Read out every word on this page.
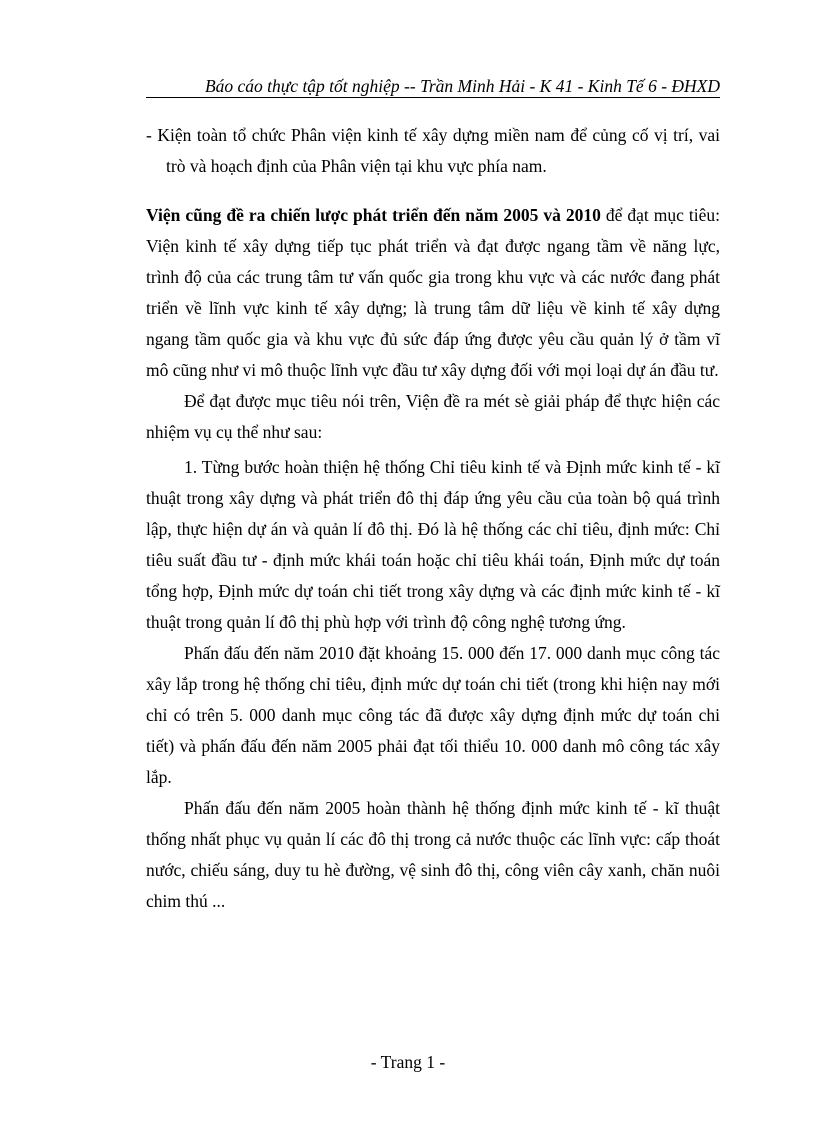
Báo cáo thực tập tốt nghiệp -- Trần Minh Hải - K 41 - Kinh Tế 6 - ĐHXD

- Kiện toàn tổ chức Phân viện kinh tế xây dựng miền nam để củng cố vị trí, vai trò và hoạch định của Phân viện tại khu vực phía nam.

Viện cũng đề ra chiến lược phát triển đến năm 2005 và 2010 để đạt mục tiêu: Viện kinh tế xây dựng tiếp tục phát triển và đạt được ngang tầm về năng lực, trình độ của các trung tâm tư vấn quốc gia trong khu vực và các nước đang phát triển về lĩnh vực kinh tế xây dựng; là trung tâm dữ liệu về kinh tế xây dựng ngang tầm quốc gia và khu vực đủ sức đáp ứng được yêu cầu quản lý ở tầm vĩ mô cũng như vi mô thuộc lĩnh vực đầu tư xây dựng đối với mọi loại dự án đầu tư.

Để đạt được mục tiêu nói trên, Viện đề ra mét sè giải pháp để thực hiện các nhiệm vụ cụ thể như sau:

1. Từng bước hoàn thiện hệ thống Chỉ tiêu kinh tế và Định mức kinh tế - kĩ thuật trong xây dựng và phát triển đô thị đáp ứng yêu cầu của toàn bộ quá trình lập, thực hiện dự án và quản lí đô thị. Đó là hệ thống các chỉ tiêu, định mức: Chỉ tiêu suất đầu tư - định mức khái toán hoặc chỉ tiêu khái toán, Định mức dự toán tổng hợp, Định mức dự toán chi tiết trong xây dựng và các định mức kinh tế - kĩ thuật trong quản lí đô thị phù hợp với trình độ công nghệ tương ứng.

Phấn đấu đến năm 2010 đặt khoảng 15. 000 đến 17. 000 danh mục công tác xây lắp trong hệ thống chỉ tiêu, định mức dự toán chi tiết (trong khi hiện nay mới chỉ có trên 5. 000 danh mục công tác đã được xây dựng định mức dự toán chi tiết) và phấn đấu đến năm 2005 phải đạt tối thiểu 10. 000 danh mô công tác xây lắp.

Phấn đấu đến năm 2005 hoàn thành hệ thống định mức kinh tế - kĩ thuật thống nhất phục vụ quản lí các đô thị trong cả nước thuộc các lĩnh vực: cấp thoát nước, chiếu sáng, duy tu hè đường, vệ sinh đô thị, công viên cây xanh, chăn nuôi chim thú ...

- Trang 1 -
